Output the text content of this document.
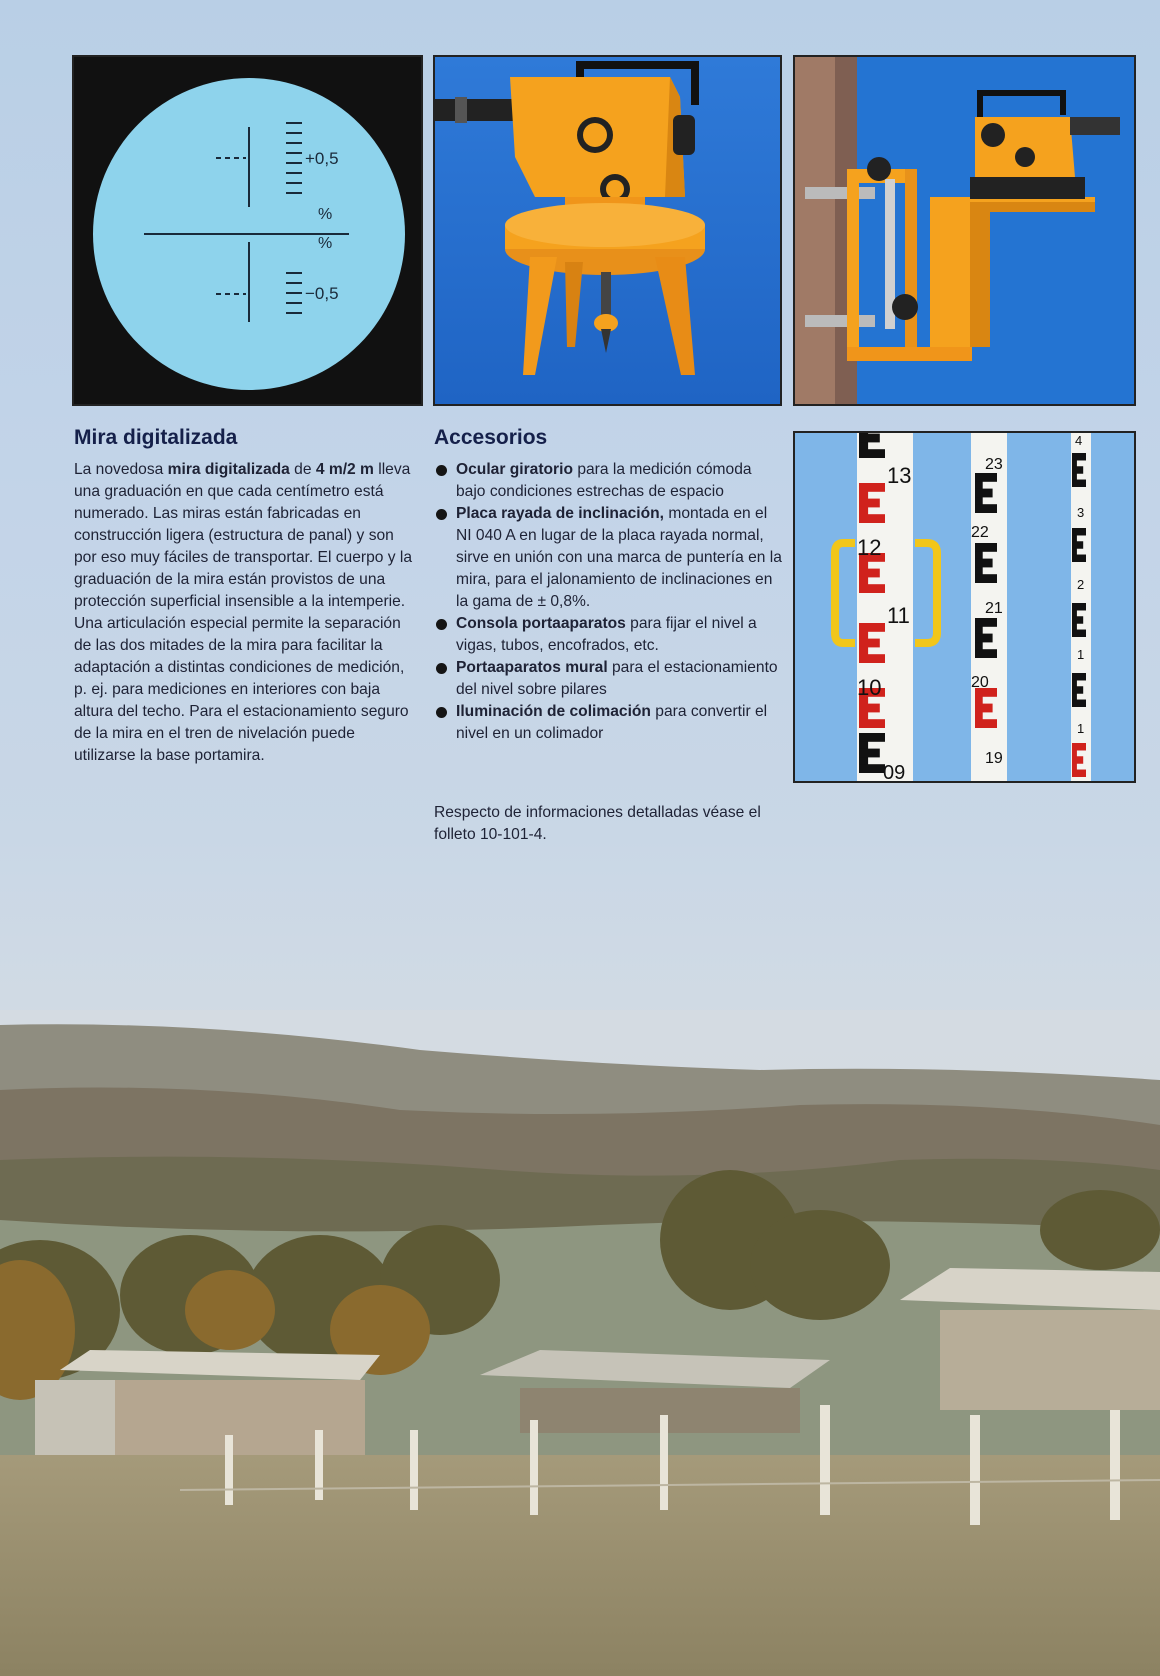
+0,5
%
%
−0,5
13
12
11
10
09
23
22
21
20
19
4
3
2
1
1
Mira digitalizada

La novedosa mira digitalizada de 4 m/2 m lleva una graduación en que cada centímetro está numerado. Las miras están fabricadas en construcción ligera (estructura de panal) y son por eso muy fáciles de transportar. El cuerpo y la graduación de la mira están provistos de una protección superficial insensible a la intemperie. Una articulación especial permite la separación de las dos mitades de la mira para facilitar la adaptación a distintas condiciones de medición, p. ej. para mediciones en interiores con baja altura del techo. Para el estacionamiento seguro de la mira en el tren de nivelación puede utilizarse la base portamira.

Accesorios
Ocular giratorio para la medición cómoda bajo condiciones estrechas de espacio
Placa rayada de inclinación, montada en el NI 040 A en lugar de la placa rayada normal, sirve en unión con una marca de puntería en la mira, para el jalonamiento de inclinaciones en la gama de ± 0,8%.
Consola portaaparatos para fijar el nivel a vigas, tubos, encofrados, etc.
Portaaparatos mural para el estacionamiento del nivel sobre pilares
Iluminación de colimación para convertir el nivel en un colimador

Respecto de informaciones detalladas véase el folleto 10-101-4.
